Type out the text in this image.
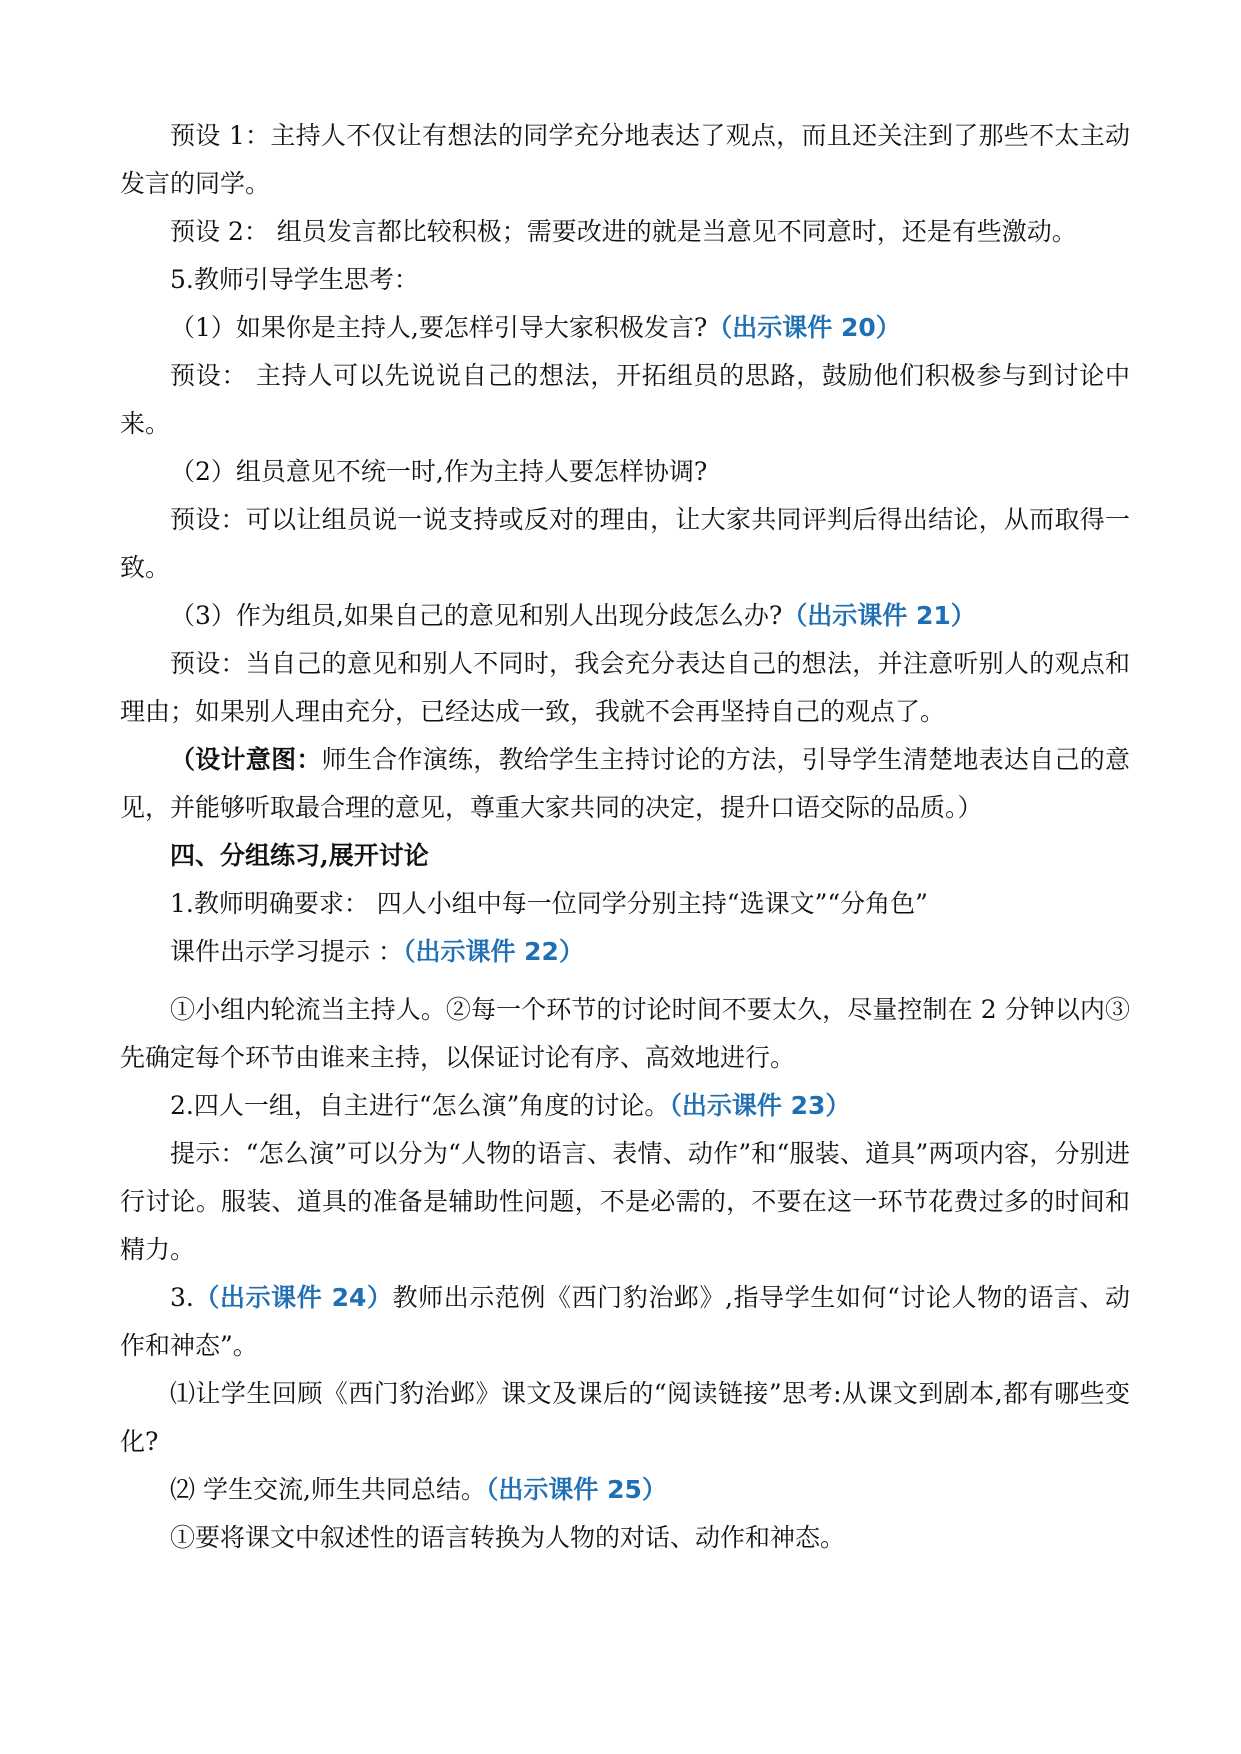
预设 1：主持人不仅让有想法的同学充分地表达了观点，而且还关注到了那些不太主动发言的同学。

预设 2： 组员发言都比较积极；需要改进的就是当意见不同意时，还是有些激动。

5.教师引导学生思考：

（1）如果你是主持人,要怎样引导大家积极发言?（出示课件 20）

预设： 主持人可以先说说自己的想法，开拓组员的思路，鼓励他们积极参与到讨论中来。

（2）组员意见不统一时,作为主持人要怎样协调?

预设：可以让组员说一说支持或反对的理由，让大家共同评判后得出结论，从而取得一致。

（3）作为组员,如果自己的意见和别人出现分歧怎么办?（出示课件 21）

预设：当自己的意见和别人不同时，我会充分表达自己的想法，并注意听别人的观点和理由；如果别人理由充分，已经达成一致，我就不会再坚持自己的观点了。

（设计意图：师生合作演练，教给学生主持讨论的方法，引导学生清楚地表达自己的意见，并能够听取最合理的意见，尊重大家共同的决定，提升口语交际的品质。）

四、分组练习,展开讨论

1.教师明确要求： 四人小组中每一位同学分别主持“选课文”“分角色”

课件出示学习提示 ：（出示课件 22）

①小组内轮流当主持人。②每一个环节的讨论时间不要太久，尽量控制在 2 分钟以内③先确定每个环节由谁来主持，以保证讨论有序、高效地进行。

2.四人一组，自主进行“怎么演”角度的讨论。（出示课件 23）

提示：“怎么演”可以分为“人物的语言、表情、动作”和“服装、道具”两项内容，分别进行讨论。服装、道具的准备是辅助性问题，不是必需的，不要在这一环节花费过多的时间和精力。

3.（出示课件 24）教师出示范例《西门豹治邺》,指导学生如何“讨论人物的语言、动作和神态”。

⑴让学生回顾《西门豹治邺》课文及课后的“阅读链接”思考:从课文到剧本,都有哪些变化?

⑵ 学生交流,师生共同总结。（出示课件 25）

①要将课文中叙述性的语言转换为人物的对话、动作和神态。
